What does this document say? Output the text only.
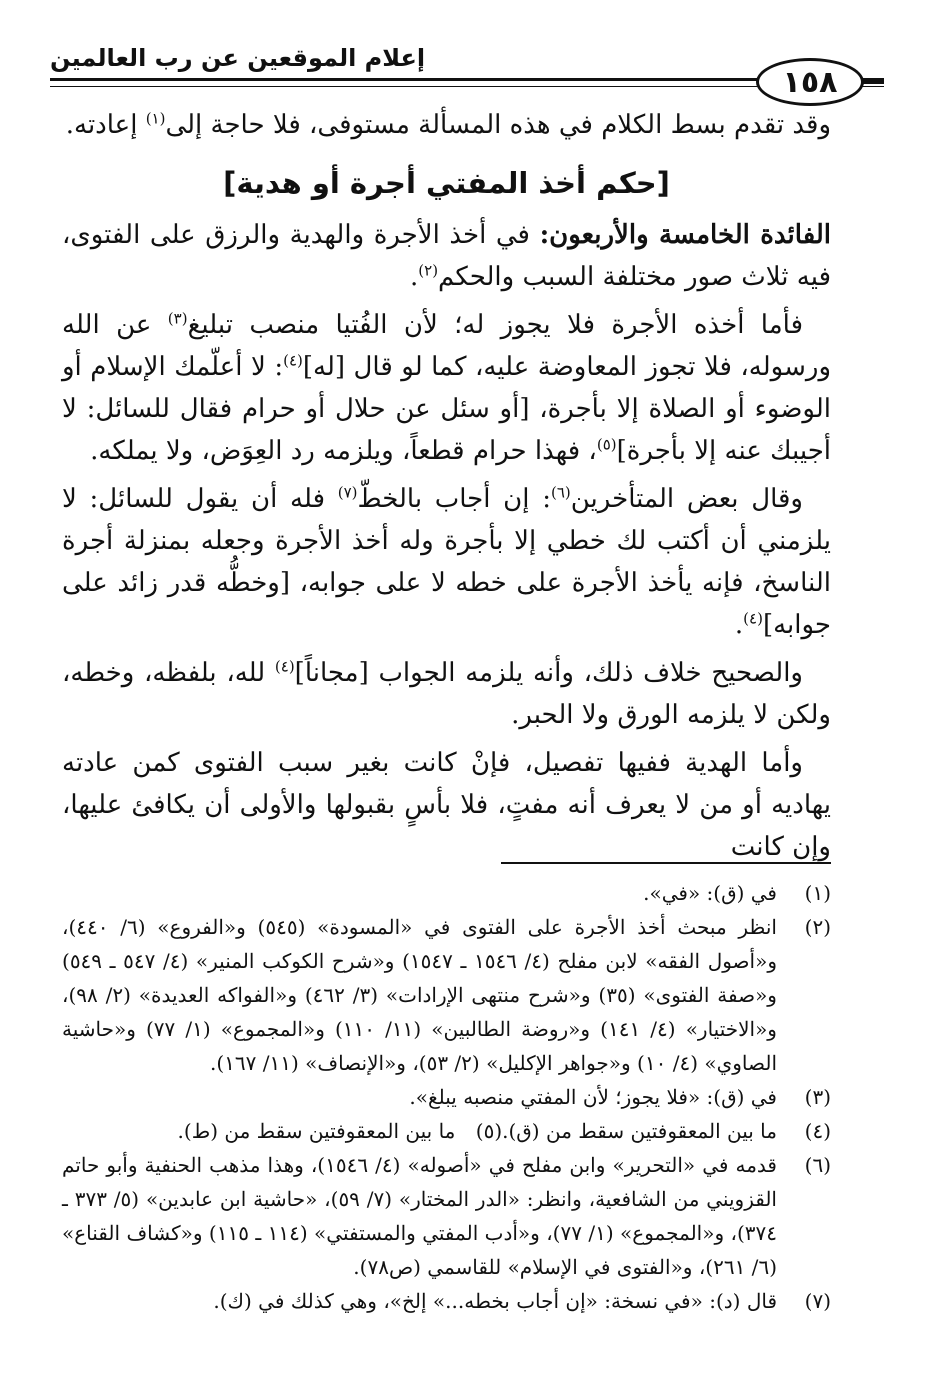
إعلام الموقعين عن رب العالمين
١٥٨

وقد تقدم بسط الكلام في هذه المسألة مستوفى، فلا حاجة إلى$^{(١)}$ إعادته.

[حكم أخذ المفتي أجرة أو هدية]

الفائدة الخامسة والأربعون: في أخذ الأجرة والهدية والرزق على الفتوى، فيه ثلاث صور مختلفة السبب والحكم$^{(٢)}$.

فأما أخذه الأجرة فلا يجوز له؛ لأن الفُتيا منصب تبليغ$^{(٣)}$ عن الله ورسوله، فلا تجوز المعاوضة عليه، كما لو قال [له]$^{(٤)}$: لا أعلّمك الإسلام أو الوضوء أو الصلاة إلا بأجرة، [أو سئل عن حلال أو حرام فقال للسائل: لا أجيبك عنه إلا بأجرة]$^{(٥)}$، فهذا حرام قطعاً، ويلزمه رد العِوَض، ولا يملكه.

وقال بعض المتأخرين$^{(٦)}$: إن أجاب بالخطّ$^{(٧)}$ فله أن يقول للسائل: لا يلزمني أن أكتب لك خطي إلا بأجرة وله أخذ الأجرة وجعله بمنزلة أجرة الناسخ، فإنه يأخذ الأجرة على خطه لا على جوابه، [وخطُّه قدر زائد على جوابه]$^{(٤)}$.

والصحيح خلاف ذلك، وأنه يلزمه الجواب [مجاناً]$^{(٤)}$ لله، بلفظه، وخطه، ولكن لا يلزمه الورق ولا الحبر.

وأما الهدية ففيها تفصيل، فإنْ كانت بغير سبب الفتوى كمن عادته يهاديه أو من لا يعرف أنه مفتٍ، فلا بأسٍ بقبولها والأولى أن يكافئ عليها، وإن كانت

(١)
في (ق): «في».
(٢)
انظر مبحث أخذ الأجرة على الفتوى في «المسودة» (٥٤٥) و«الفروع» (٦/ ٤٤٠)، و«أصول الفقه» لابن مفلح (٤/ ١٥٤٦ ـ ١٥٤٧) و«شرح الكوكب المنير» (٤/ ٥٤٧ ـ ٥٤٩) و«صفة الفتوى» (٣٥) و«شرح منتهى الإرادات» (٣/ ٤٦٢) و«الفواكه العديدة» (٢/ ٩٨)، و«الاختيار» (٤/ ١٤١) و«روضة الطالبين» (١١/ ١١٠) و«المجموع» (١/ ٧٧) و«حاشية الصاوي» (٤/ ١٠) و«جواهر الإكليل» (٢/ ٥٣)، و«الإنصاف» (١١/ ١٦٧).
(٣)
في (ق): «فلا يجوز؛ لأن المفتي منصبه يبلغ».
(٤)
ما بين المعقوفتين سقط من (ق).(٥) ما بين المعقوفتين سقط من (ط).
(٦)
قدمه في «التحرير» وابن مفلح في «أصوله» (٤/ ١٥٤٦)، وهذا مذهب الحنفية وأبو حاتم القزويني من الشافعية، وانظر: «الدر المختار» (٧/ ٥٩)، «حاشية ابن عابدين» (٥/ ٣٧٣ ـ ٣٧٤)، و«المجموع» (١/ ٧٧)، و«أدب المفتي والمستفتي» (١١٤ ـ ١١٥) و«كشاف القناع» (٦/ ٢٦١)، و«الفتوى في الإسلام» للقاسمي (ص٧٨).
(٧)
قال (د): «في نسخة: «إن أجاب بخطه...» إلخ»، وهي كذلك في (ك).
